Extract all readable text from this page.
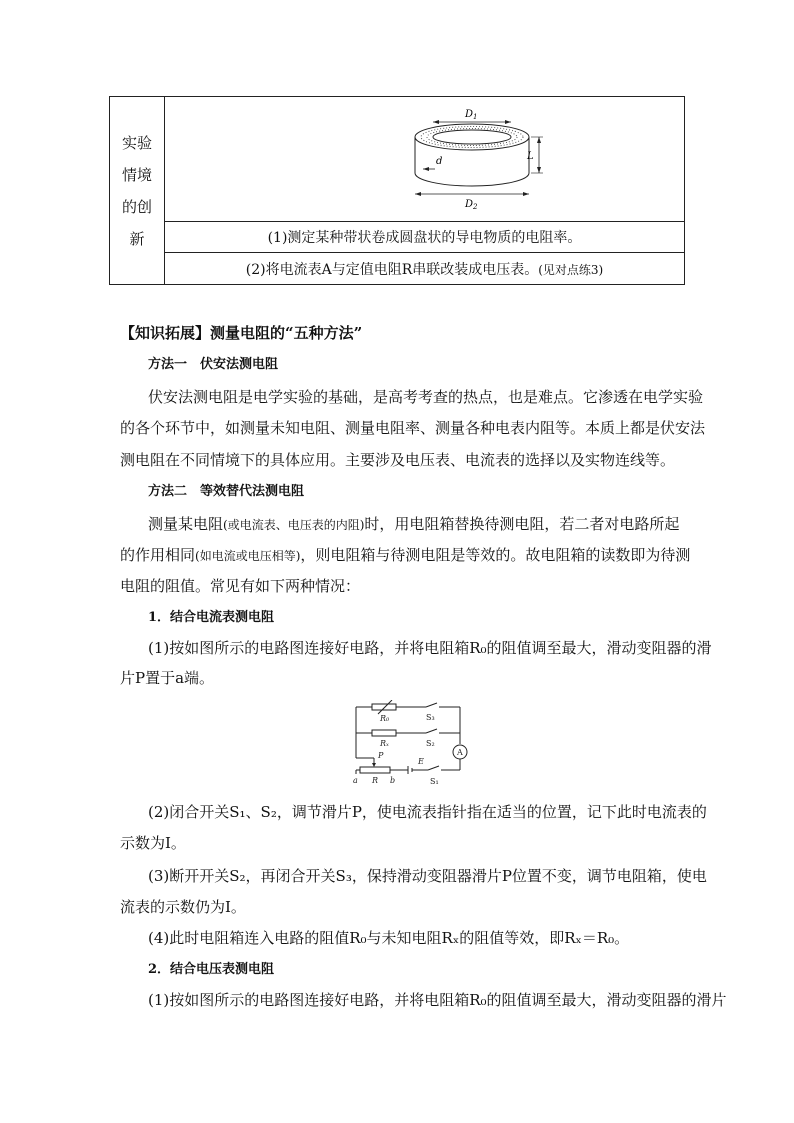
实验
情境
的创
新
$D_1$
L
d
$D_2$
(1)测定某种带状卷成圆盘状的导电物质的电阻率。
(2)将电流表A与定值电阻R串联改装成电压表。 (见对点练3)
【知识拓展】测量电阻的“五种方法”
方法一　伏安法测电阻
伏安法测电阻是电学实验的基础，是高考考查的热点，也是难点。它渗透在电学实验
的各个环节中，如测量未知电阻、测量电阻率、测量各种电表内阻等。本质上都是伏安法
测电阻在不同情境下的具体应用。主要涉及电压表、电流表的选择以及实物连线等。
方法二　等效替代法测电阻
测量某电阻(或电流表、电压表的内阻)时，用电阻箱替换待测电阻，若二者对电路所起
的作用相同(如电流或电压相等)，则电阻箱与待测电阻是等效的。故电阻箱的读数即为待测
电阻的阻值。常见有如下两种情况：
1．结合电流表测电阻
(1)按如图所示的电路图连接好电路，并将电阻箱R₀的阻值调至最大，滑动变阻器的滑
片P置于a端。
R₀
Rₓ
P
E
a R b
S₃
S₂
S₁
A
(2)闭合开关S₁、S₂，调节滑片P，使电流表指针指在适当的位置，记下此时电流表的
示数为I。
(3)断开开关S₂，再闭合开关S₃，保持滑动变阻器滑片P位置不变，调节电阻箱，使电
流表的示数仍为I。
(4)此时电阻箱连入电路的阻值R₀与未知电阻Rₓ的阻值等效，即Rₓ＝R₀。
2．结合电压表测电阻
(1)按如图所示的电路图连接好电路，并将电阻箱R₀的阻值调至最大，滑动变阻器的滑片
